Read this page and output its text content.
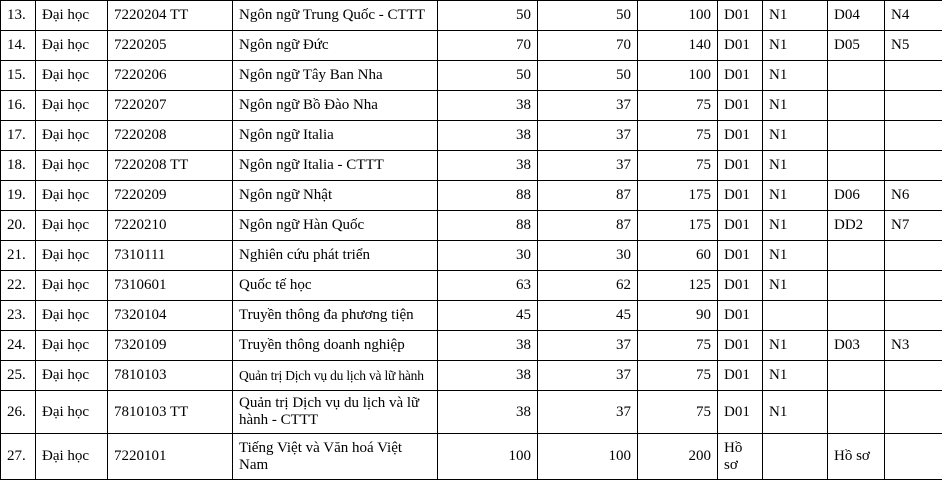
13.	Đại học	7220204 TT	Ngôn ngữ Trung Quốc - CTTT	50	50	100	D01	N1	D04	N4
14.	Đại học	7220205	Ngôn ngữ Đức	70	70	140	D01	N1	D05	N5
15.	Đại học	7220206	Ngôn ngữ Tây Ban Nha	50	50	100	D01	N1		
16.	Đại học	7220207	Ngôn ngữ Bồ Đào Nha	38	37	75	D01	N1		
17.	Đại học	7220208	Ngôn ngữ Italia	38	37	75	D01	N1		
18.	Đại học	7220208 TT	Ngôn ngữ Italia - CTTT	38	37	75	D01	N1		
19.	Đại học	7220209	Ngôn ngữ Nhật	88	87	175	D01	N1	D06	N6
20.	Đại học	7220210	Ngôn ngữ Hàn Quốc	88	87	175	D01	N1	DD2	N7
21.	Đại học	7310111	Nghiên cứu phát triển	30	30	60	D01	N1		
22.	Đại học	7310601	Quốc tế học	63	62	125	D01	N1		
23.	Đại học	7320104	Truyền thông đa phương tiện	45	45	90	D01			
24.	Đại học	7320109	Truyền thông doanh nghiệp	38	37	75	D01	N1	D03	N3
25.	Đại học	7810103	Quản trị Dịch vụ du lịch và lữ hành	38	37	75	D01	N1		
26.	Đại học	7810103 TT	Quản trị Dịch vụ du lịch và lữ hành - CTTT	38	37	75	D01	N1		
27.	Đại học	7220101	Tiếng Việt và Văn hoá Việt Nam	100	100	200	Hồ sơ		Hồ sơ	
